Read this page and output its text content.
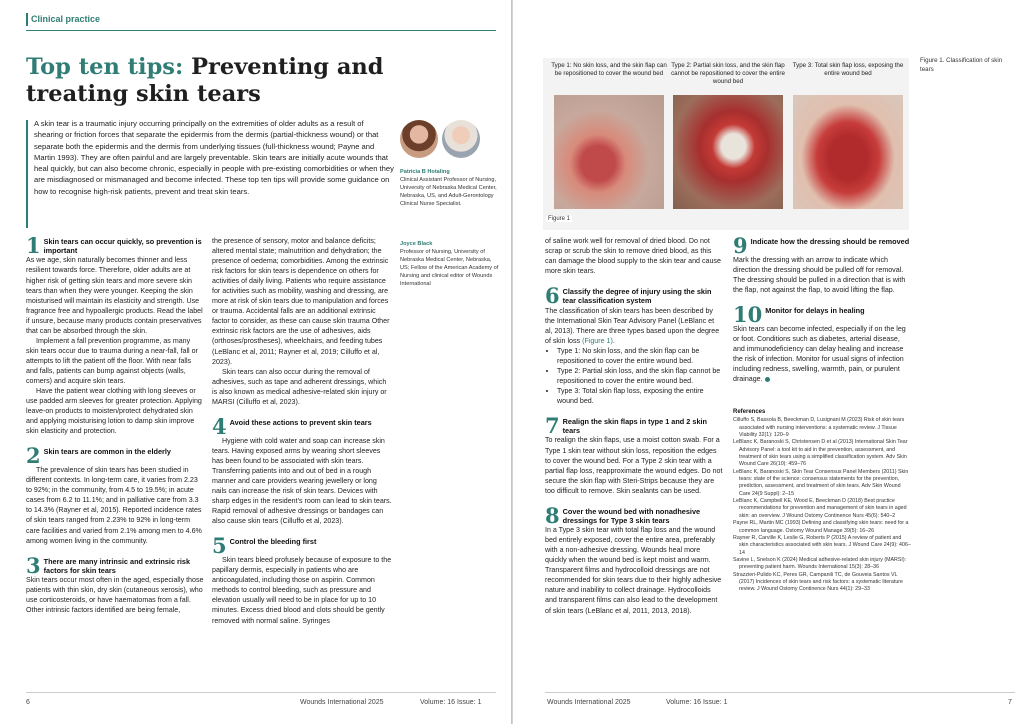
Clinical practice
Top ten tips: Preventing and treating skin tears
A skin tear is a traumatic injury occurring principally on the extremities of older adults as a result of shearing or friction forces that separate the epidermis from the dermis (partial-thickness wound) or that separate both the epidermis and the dermis from underlying tissues (full-thickness wound; Payne and Martin 1993). They are often painful and are largely preventable. Skin tears are initially acute wounds that heal quickly, but can also become chronic, especially in people with pre-existing comorbidities or when they are misdiagnosed or mismanaged and become infected. These top ten tips will provide some guidance on how to recognise high-risk patients, prevent and treat skin tears.
Patricia B Hotaling
Clinical Assistant Professor of Nursing, University of Nebraska Medical Center, Nebraska, US, and Adult-Gerontology Clinical Nurse Specialist.
Joyce Black
Professor of Nursing, University of Nebraska Medical Center, Nebraska, US; Fellow of the American Academy of Nursing and clinical editor of Wounds International
1 Skin tears can occur quickly, so prevention is important

As we age, skin naturally becomes thinner and less resilient towards force. Therefore, older adults are at higher risk of getting skin tears and more severe skin tears than when they were younger. Keeping the skin moisturised will maintain its elasticity and strength. Use fragrance free and hypoallergic products. Read the label if unsure, because many products contain preservatives that can be absorbed through the skin.

Implement a fall prevention programme, as many skin tears occur due to trauma during a near-fall, fall or attempts to lift the patient off the floor. With near falls and falls, patients can bump against objects (walls, corners) and acquire skin tears.

Have the patient wear clothing with long sleeves or use padded arm sleeves for greater protection. Applying leave-on products to moisten/protect dehydrated skin and applying moisturising lotion to damp skin improve skin elasticity and protection.

2 Skin tears are common in the elderly

The prevalence of skin tears has been studied in different contexts. In long-term care, it varies from 2.23 to 92%; in the community, from 4.5 to 19.5%; in acute cases from 6.2 to 11.1%; and in palliative care from 3.3 to 14.3% (Rayner et al, 2015). Reported incidence rates of skin tears ranged from 2.23% to 92% in long-term care facilities and varied from 2.1% among men to 4.6% among women living in the community.

3 There are many intrinsic and extrinsic risk factors for skin tears

Skin tears occur most often in the aged, especially those patients with thin skin, dry skin (cutaneous xerosis), who use corticosteroids, or have haematomas from a fall. Other intrinsic factors identified are being female,

the presence of sensory, motor and balance deficits; altered mental state; malnutrition and dehydration; the presence of oedema; comorbidities. Among the extrinsic risk factors for skin tears is dependence on others for activities of daily living. Patients who require assistance for activities such as mobility, washing and dressing, are more at risk of skin tears due to manipulation and forces or trauma. Accidental falls are an additional extrinsic factor to consider, as these can cause skin trauma Other extrinsic risk factors are the use of adhesives, aids (orthoses/prostheses), wheelchairs, and feeding tubes (LeBlanc et al, 2011; Rayner et al, 2019; Cilluffo et al, 2023).

Skin tears can also occur during the removal of adhesives, such as tape and adherent dressings, which is also known as medical adhesive-related skin injury or MARSI (Cilluffo et al, 2023).

4 Avoid these actions to prevent skin tears

Hygiene with cold water and soap can increase skin tears. Having exposed arms by wearing short sleeves has been found to be associated with skin tears. Transferring patients into and out of bed in a rough manner and care providers wearing jewellery or long nails can increase the risk of skin tears. Devices with sharp edges in the resident’s room can lead to skin tears. Rapid removal of adhesive dressings or bandages can also cause skin tears (Cilluffo et al, 2023).

5 Control the bleeding first

Skin tears bleed profusely because of exposure to the papillary dermis, especially in patients who are anticoagulated, including those on aspirin. Common methods to control bleeding, such as pressure and elevation usually will need to be in place for up to 10 minutes. Excess dried blood and clots should be gently removed with normal saline. Syringes

6	Wounds International 2025	Volume: 16 Issue: 1
Type 1: No skin loss, and the skin flap can be repositioned to cover the wound bed
Type 2: Partial skin loss, and the skin flap cannot be repositioned to cover the entire wound bed
Type 3: Total skin flap loss, exposing the entire wound bed
Figure 1
Figure 1. Classification of skin tears

of saline work well for removal of dried blood. Do not scrap or scrub the skin to remove dried blood, as this can damage the blood supply to the skin tear and cause more skin tears.

6 Classify the degree of injury using the skin tear classification system

The classification of skin tears has been described by the International Skin Tear Advisory Panel (LeBlanc et al, 2013). There are three types based upon the degree of skin loss (Figure 1).

• Type 1: No skin loss, and the skin flap can be repositioned to cover the entire wound bed.
• Type 2: Partial skin loss, and the skin flap cannot be repositioned to cover the entire wound bed.
• Type 3: Total skin flap loss, exposing the entire wound bed.
7 Realign the skin flaps in type 1 and 2 skin tears

To realign the skin flaps, use a moist cotton swab. For a Type 1 skin tear without skin loss, reposition the edges to cover the wound bed. For a Type 2 skin tear with a partial flap loss, reapproximate the wound edges. Do not secure the skin flap with Steri-Strips because they are too difficult to remove. Skin sealants can be used.

8 Cover the wound bed with nonadhesive dressings for Type 3 skin tears

In a Type 3 skin tear with total flap loss and the wound bed entirely exposed, cover the entire area, preferably with a non-adhesive dressing. Wounds heal more quickly when the wound bed is kept moist and warm. Transparent films and hydrocolloid dressings are not recommended for skin tears due to their highly adhesive nature and inability to collect drainage. Hydrocolloids and transparent films can also lead to the development of skin tears (LeBlanc et al, 2011, 2013, 2018).

9 Indicate how the dressing should be removed

Mark the dressing with an arrow to indicate which direction the dressing should be pulled off for removal. The dressing should be pulled in a direction that is with the flap, not against the flap, to avoid lifting the flap.

10 Monitor for delays in healing

Skin tears can become infected, especially if on the leg or foot. Conditions such as diabetes, arterial disease, and immunodeficiency can delay healing and increase the risk of infection. Monitor for usual signs of infection including redness, swelling, warmth, pain, or purulent drainage.

References
Cilluffo S, Bassola B, Beeckman D, Lusignani M (2023) Risk of skin tears associated with nursing interventions: a systematic review. J Tissue Viability 32(1): 120–9
LeBlanc K, Baranoski S, Christensen D et al (2013) International Skin Tear Advisory Panel: a tool kit to aid in the prevention, assessment, and treatment of skin tears using a simplified classification system. Adv Skin Wound Care 26(10): 459–76
LeBlanc K, Baranoski S, Skin Tear Consensus Panel Members (2011) Skin tears: state of the science: consensus statements for the prevention, prediction, assessment, and treatment of skin tears. Adv Skin Wound Care 24(9 Suppl): 2–15
LeBlanc K, Campbell KE, Wood E, Beeckman D (2018) Best practice recommendations for prevention and management of skin tears in aged skin: an overview. J Wound Ostomy Continence Nurs 45(6): 540–2
Payne RL, Martin MC (1993) Defining and classifying skin tears: need for a common language. Ostomy Wound Manage 39(5): 16–26
Rayner R, Carville K, Leslie G, Roberts P (2015) A review of patient and skin characteristics associated with skin tears. J Wound Care 24(9): 406–14
Savine L, Snelson K (2024) Medical adhesive-related skin injury (MARSI): preventing patient harm. Wounds International 15(3): 28–36
Strazzieri-Pulido KC, Peres GR, Campanili TC, de Gouveia Santos VL (2017) Incidences of skin tears and risk factors: a systematic literature review. J Wound Ostomy Continence Nurs 44(1): 29–33
Wounds International 2025	Volume: 16 Issue: 1	7
